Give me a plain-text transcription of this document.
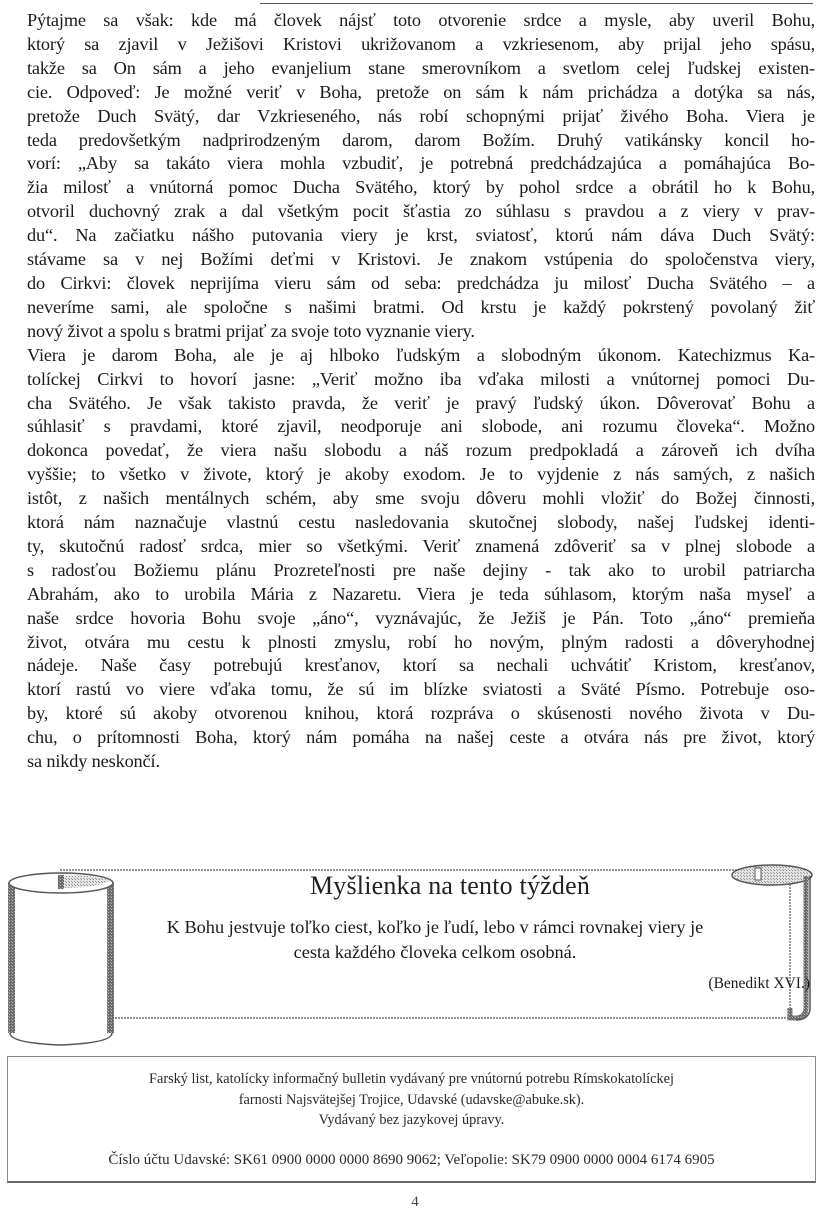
Pýtajme sa však: kde má človek nájsť toto otvorenie srdce a mysle, aby uveril Bohu,
ktorý sa zjavil v Ježišovi Kristovi ukrižovanom a vzkriesenom, aby prijal jeho spásu,
takže sa On sám a jeho evanjelium stane smerovníkom a svetlom celej ľudskej existen-
cie. Odpoveď: Je možné veriť v Boha, pretože on sám k nám prichádza a dotýka sa nás,
pretože Duch Svätý, dar Vzkrieseného, nás robí schopnými prijať živého Boha. Viera je
teda predovšetkým nadprirodzeným darom, darom Božím. Druhý vatikánsky koncil ho-
vorí: „Aby sa takáto viera mohla vzbudiť, je potrebná predchádzajúca a pomáhajúca Bo-
žia milosť a vnútorná pomoc Ducha Svätého, ktorý by pohol srdce a obrátil ho k Bohu,
otvoril duchovný zrak a dal všetkým pocit šťastia zo súhlasu s pravdou a z viery v prav-
du“. Na začiatku nášho putovania viery je krst, sviatosť, ktorú nám dáva Duch Svätý:
stávame sa v nej Božími deťmi v Kristovi. Je znakom vstúpenia do spoločenstva viery,
do Cirkvi: človek neprijíma vieru sám od seba: predchádza ju milosť Ducha Svätého – a
neveríme sami, ale spoločne s našimi bratmi. Od krstu je každý pokrstený povolaný žiť
nový život a spolu s bratmi prijať za svoje toto vyznanie viery.
Viera je darom Boha, ale je aj hlboko ľudským a slobodným úkonom. Katechizmus Ka-
tolíckej Cirkvi to hovorí jasne: „Veriť možno iba vďaka milosti a vnútornej pomoci Du-
cha Svätého. Je však takisto pravda, že veriť je pravý ľudský úkon. Dôverovať Bohu a
súhlasiť s pravdami, ktoré zjavil, neodporuje ani slobode, ani rozumu človeka“. Možno
dokonca povedať, že viera našu slobodu a náš rozum predpokladá a zároveň ich dvíha
vyššie; to všetko v živote, ktorý je akoby exodom. Je to vyjdenie z nás samých, z našich
istôt, z našich mentálnych schém, aby sme svoju dôveru mohli vložiť do Božej činnosti,
ktorá nám naznačuje vlastnú cestu nasledovania skutočnej slobody, našej ľudskej identi-
ty, skutočnú radosť srdca, mier so všetkými. Veriť znamená zdôveriť sa v plnej slobode a
s radosťou Božiemu plánu Prozreteľnosti pre naše dejiny - tak ako to urobil patriarcha
Abrahám, ako to urobila Mária z Nazaretu. Viera je teda súhlasom, ktorým naša myseľ a
naše srdce hovoria Bohu svoje „áno“, vyznávajúc, že Ježiš je Pán. Toto „áno“ premieňa
život, otvára mu cestu k plnosti zmyslu, robí ho novým, plným radosti a dôveryhodnej
nádeje. Naše časy potrebujú kresťanov, ktorí sa nechali uchvátiť Kristom, kresťanov,
ktorí rastú vo viere vďaka tomu, že sú im blízke sviatosti a Sväté Písmo. Potrebuje oso-
by, ktoré sú akoby otvorenou knihou, ktorá rozpráva o skúsenosti nového života v Du-
chu, o prítomnosti Boha, ktorý nám pomáha na našej ceste a otvára nás pre život, ktorý
sa nikdy neskončí.
Myšlienka na tento týždeň
K Bohu jestvuje toľko ciest, koľko je ľudí, lebo v rámci rovnakej viery je
cesta každého človeka celkom osobná.
(Benedikt XVI.)
Farský list, katolícky informačný bulletin vydávaný pre vnútornú potrebu Rímskokatolíckej
farnosti Najsvätejšej Trojice, Udavské (udavske@abuke.sk).
Vydávaný bez jazykovej úpravy.
Číslo účtu Udavské: SK61 0900 0000 0000 8690 9062; Veľopolie: SK79 0900 0000 0004 6174 6905
4
